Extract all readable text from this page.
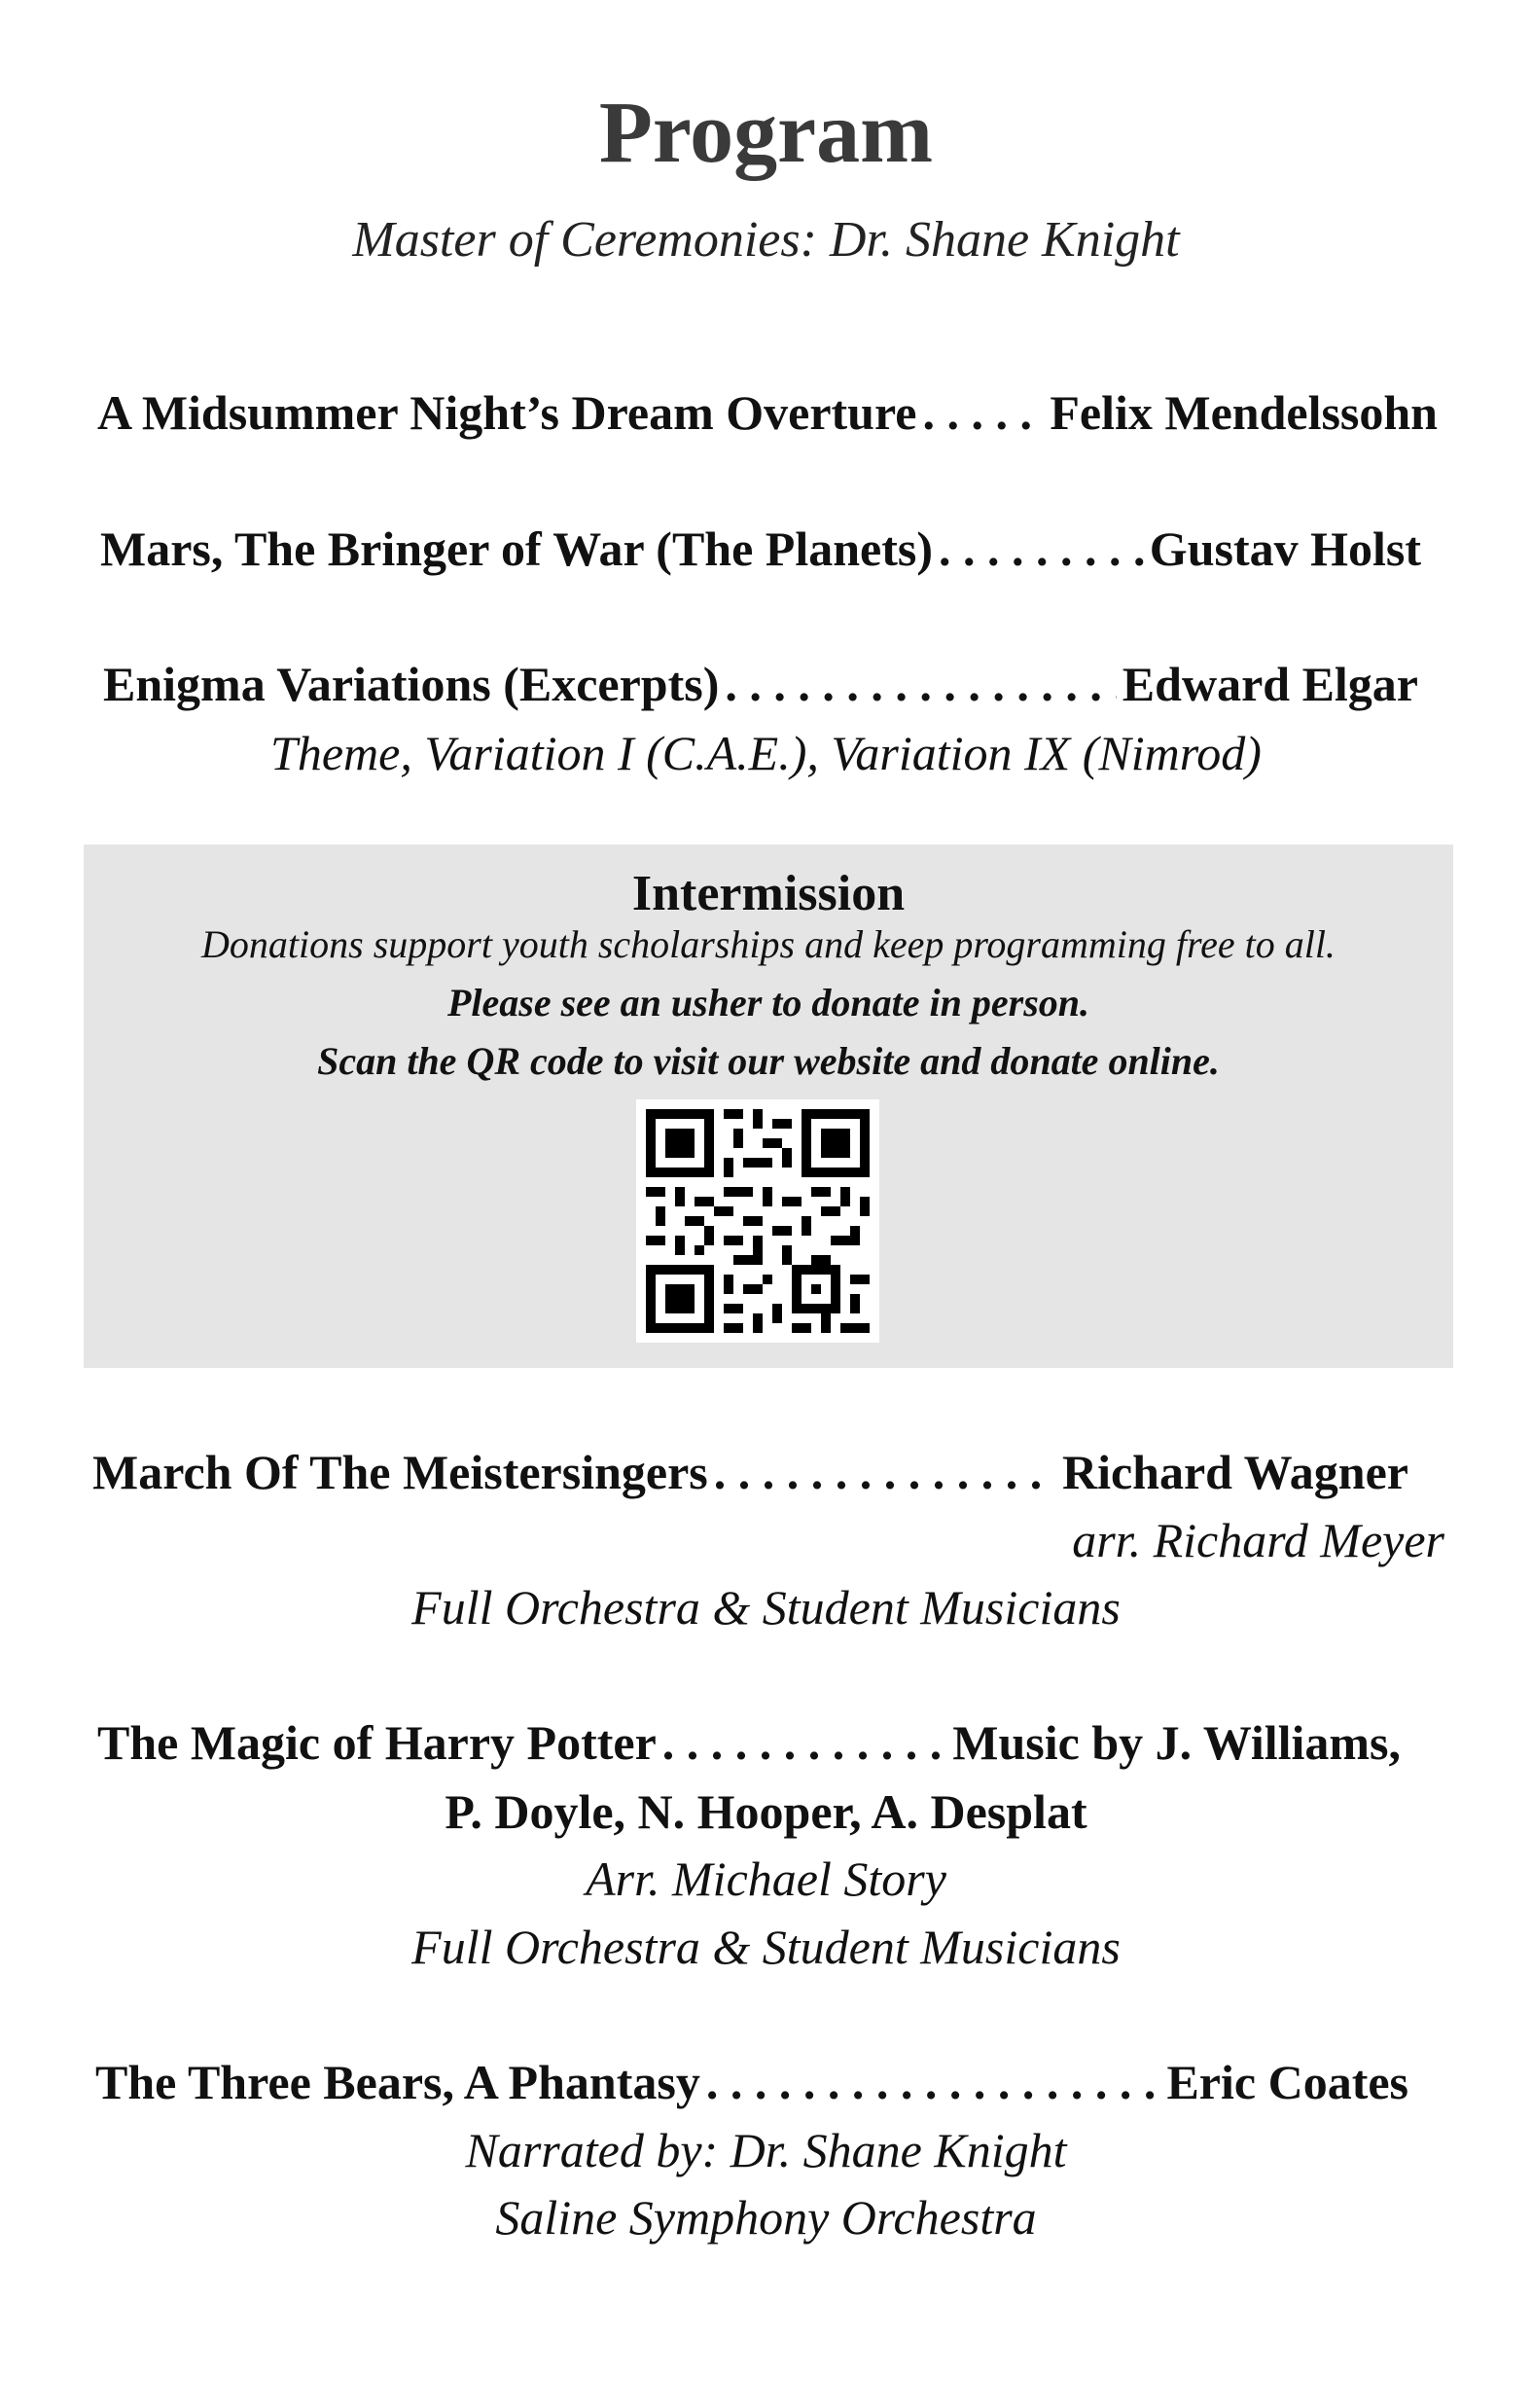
Program
Master of Ceremonies: Dr. Shane Knight
A Midsummer Night’s Dream Overture . . .	Felix Mendelssohn
Mars, The Bringer of War (The Planets) . . .	Gustav Holst
Enigma Variations (Excerpts) . . .	Edward Elgar
Theme, Variation I (C.A.E.), Variation IX (Nimrod)
Intermission
Donations support youth scholarships and keep programming free to all.
Please see an usher to donate in person.
Scan the QR code to visit our website and donate online.
March Of The Meistersingers . . .	Richard Wagner
arr. Richard Meyer
Full Orchestra & Student Musicians
The Magic of Harry Potter . . .	Music by J. Williams,
P. Doyle, N. Hooper, A. Desplat
Arr. Michael Story
Full Orchestra & Student Musicians
The Three Bears, A Phantasy . . .	Eric Coates
Narrated by: Dr. Shane Knight
Saline Symphony Orchestra
